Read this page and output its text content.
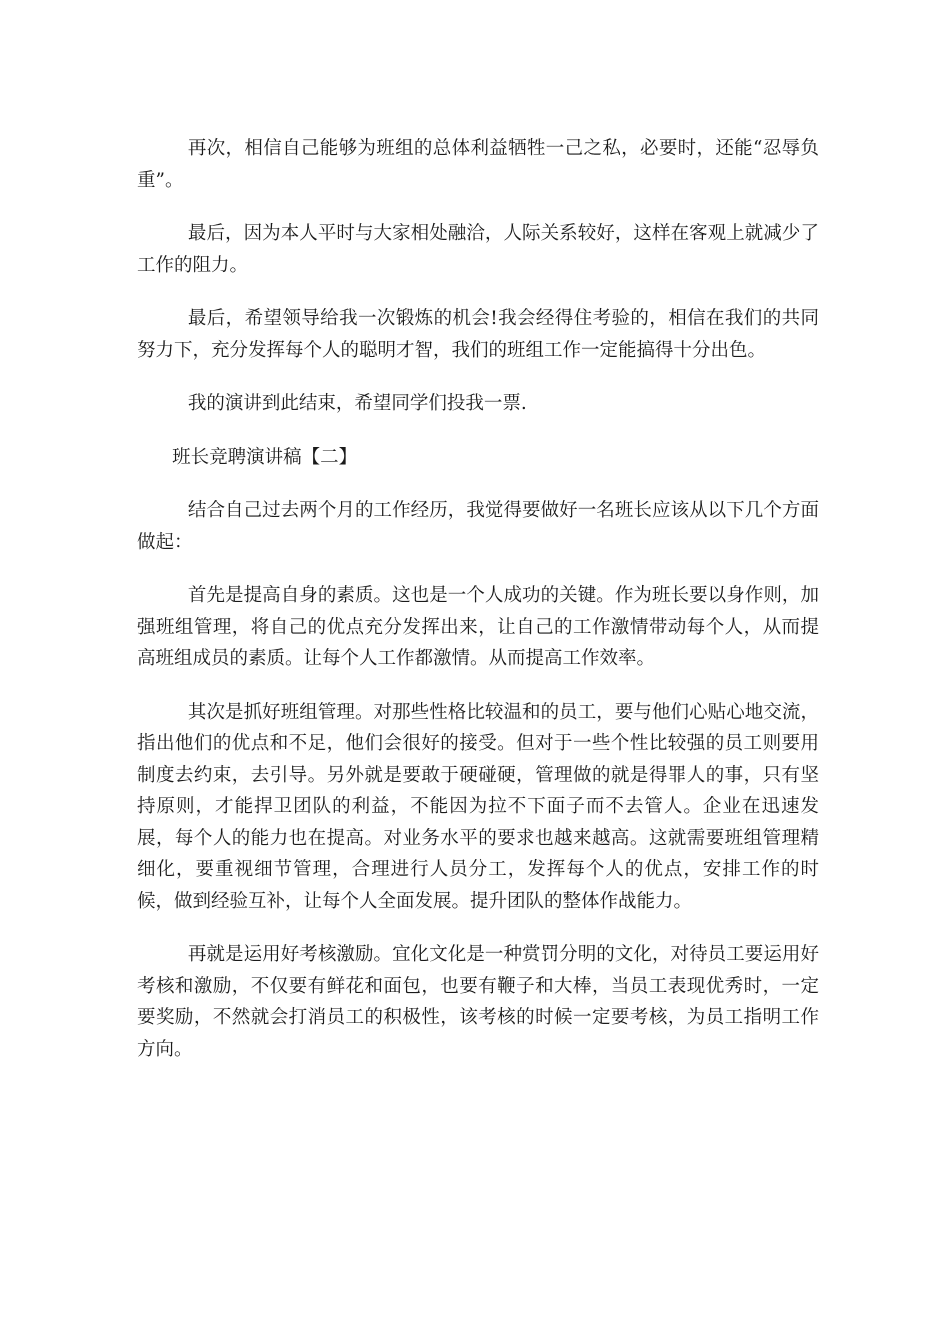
再次，相信自己能够为班组的总体利益牺牲一己之私，必要时，还能“忍辱负重”。

最后，因为本人平时与大家相处融洽，人际关系较好，这样在客观上就减少了工作的阻力。

最后，希望领导给我一次锻炼的机会!我会经得住考验的，相信在我们的共同努力下，充分发挥每个人的聪明才智，我们的班组工作一定能搞得十分出色。

我的演讲到此结束，希望同学们投我一票.

班长竞聘演讲稿【二】

结合自己过去两个月的工作经历，我觉得要做好一名班长应该从以下几个方面做起：

首先是提高自身的素质。这也是一个人成功的关键。作为班长要以身作则，加强班组管理，将自己的优点充分发挥出来，让自己的工作激情带动每个人，从而提高班组成员的素质。让每个人工作都激情。从而提高工作效率。

其次是抓好班组管理。对那些性格比较温和的员工，要与他们心贴心地交流，指出他们的优点和不足，他们会很好的接受。但对于一些个性比较强的员工则要用制度去约束，去引导。另外就是要敢于硬碰硬，管理做的就是得罪人的事，只有坚持原则，才能捍卫团队的利益，不能因为拉不下面子而不去管人。企业在迅速发展，每个人的能力也在提高。对业务水平的要求也越来越高。这就需要班组管理精细化，要重视细节管理，合理进行人员分工，发挥每个人的优点，安排工作的时候，做到经验互补，让每个人全面发展。提升团队的整体作战能力。

再就是运用好考核激励。宜化文化是一种赏罚分明的文化，对待员工要运用好考核和激励，不仅要有鲜花和面包，也要有鞭子和大棒，当员工表现优秀时，一定要奖励，不然就会打消员工的积极性，该考核的时候一定要考核，为员工指明工作方向。
